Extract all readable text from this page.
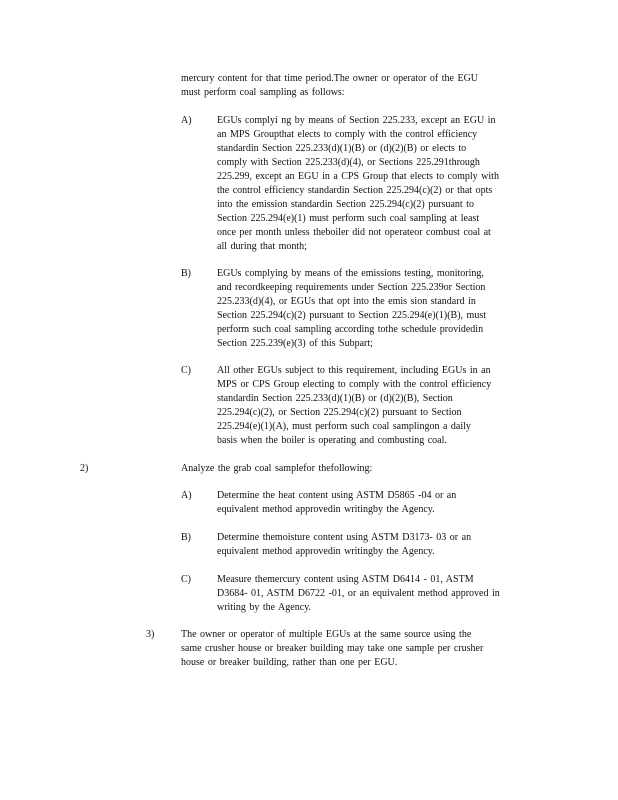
mercury content for that time period.The owner or operator of the EGU
must perform coal sampling as follows:
A)	EGUs complyi ng by means of Section 225.233, except an EGU in
an MPS Groupthat elects to comply with the control efficiency
standardin Section 225.233(d)(1)(B) or (d)(2)(B) or elects to
comply with Section 225.233(d)(4), or Sections 225.291through
225.299, except an EGU in a CPS Group that elects to comply with
the control efficiency standardin Section 225.294(c)(2) or that opts
into the emission standardin Section 225.294(c)(2) pursuant to
Section 225.294(e)(1) must perform such coal sampling at least
once per month unless theboiler did not operateor combust coal at
all during that month;
B)	EGUs complying by means of the emissions testing, monitoring,
and recordkeeping requirements under Section 225.239or Section
225.233(d)(4), or EGUs that opt into the emis sion standard in
Section 225.294(c)(2) pursuant to Section 225.294(e)(1)(B), must
perform such coal sampling according tothe schedule providedin
Section 225.239(e)(3) of this Subpart;
C)	All other EGUs subject to this requirement, including EGUs in an
MPS or CPS Group electing to comply with the control efficiency
standardin Section 225.233(d)(1)(B) or (d)(2)(B), Section
225.294(c)(2), or Section 225.294(c)(2) pursuant to Section
225.294(e)(1)(A), must perform such coal samplingon a daily
basis when the boiler is operating and combusting coal.
2)	Analyze the grab coal samplefor thefollowing:
A)	Determine the heat content using ASTM D5865 -04 or an
equivalent method approvedin writingby the Agency.
B)	Determine themoisture content using ASTM D3173- 03 or an
equivalent method approvedin writingby the Agency.
C)	Measure themercury content using ASTM D6414 - 01, ASTM
D3684- 01, ASTM D6722 -01, or an equivalent method approved in
writing by the Agency.
3)	The owner or operator of multiple EGUs at the same source using the
same crusher house or breaker building may take one sample per crusher
house or breaker building, rather than one per EGU.
